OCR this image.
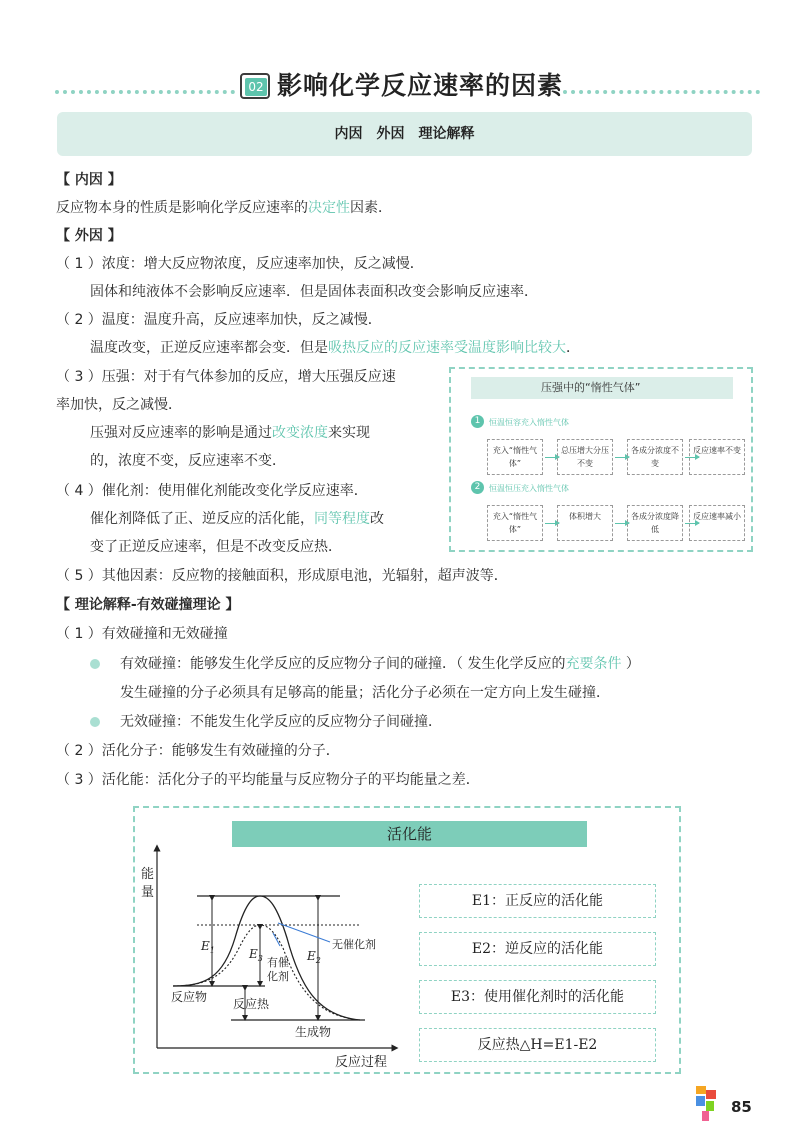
02 影响化学反应速率的因素
内因　外因　理论解释
【 内因 】
反应物本身的性质是影响化学反应速率的决定性因素．
【 外因 】
（ 1 ）浓度：增大反应物浓度，反应速率加快，反之减慢．
固体和纯液体不会影响反应速率．但是固体表面积改变会影响反应速率．
（ 2 ）温度：温度升高，反应速率加快，反之减慢．
温度改变，正逆反应速率都会变．但是吸热反应的反应速率受温度影响比较大．
（ 3 ）压强：对于有气体参加的反应，增大压强反应速
率加快，反之减慢．
压强对反应速率的影响是通过改变浓度来实现
的，浓度不变，反应速率不变．
（ 4 ）催化剂：使用催化剂能改变化学反应速率．
催化剂降低了正、逆反应的活化能，同等程度改
变了正逆反应速率，但是不改变反应热．
（ 5 ）其他因素：反应物的接触面积，形成原电池，光辐射，超声波等．
【 理论解释-有效碰撞理论 】
（ 1 ）有效碰撞和无效碰撞
有效碰撞：能够发生化学反应的反应物分子间的碰撞．（ 发生化学反应的充要条件 ）
发生碰撞的分子必须具有足够高的能量；活化分子必须在一定方向上发生碰撞．
无效碰撞：不能发生化学反应的反应物分子间碰撞．
（ 2 ）活化分子：能够发生有效碰撞的分子．
（ 3 ）活化能：活化分子的平均能量与反应物分子的平均能量之差．
压强中的“惰性气体”
1	恒温恒容充入惰性气体
充入“惰性气体”
总压增大分压不变
各成分浓度不变
反应速率不变
2	恒温恒压充入惰性气体
充入“惰性气体”
体积增大	各成分浓度降低
反应速率减小
活化能
能
量
反应过程
$E_1$	$E_2$
$E_3$
无催化剂
有催
化剂
反应物 反应热
生成物
E1：正反应的活化能
E2：逆反应的活化能
E3：使用催化剂时的活化能
反应热△H=E1-E2
85
